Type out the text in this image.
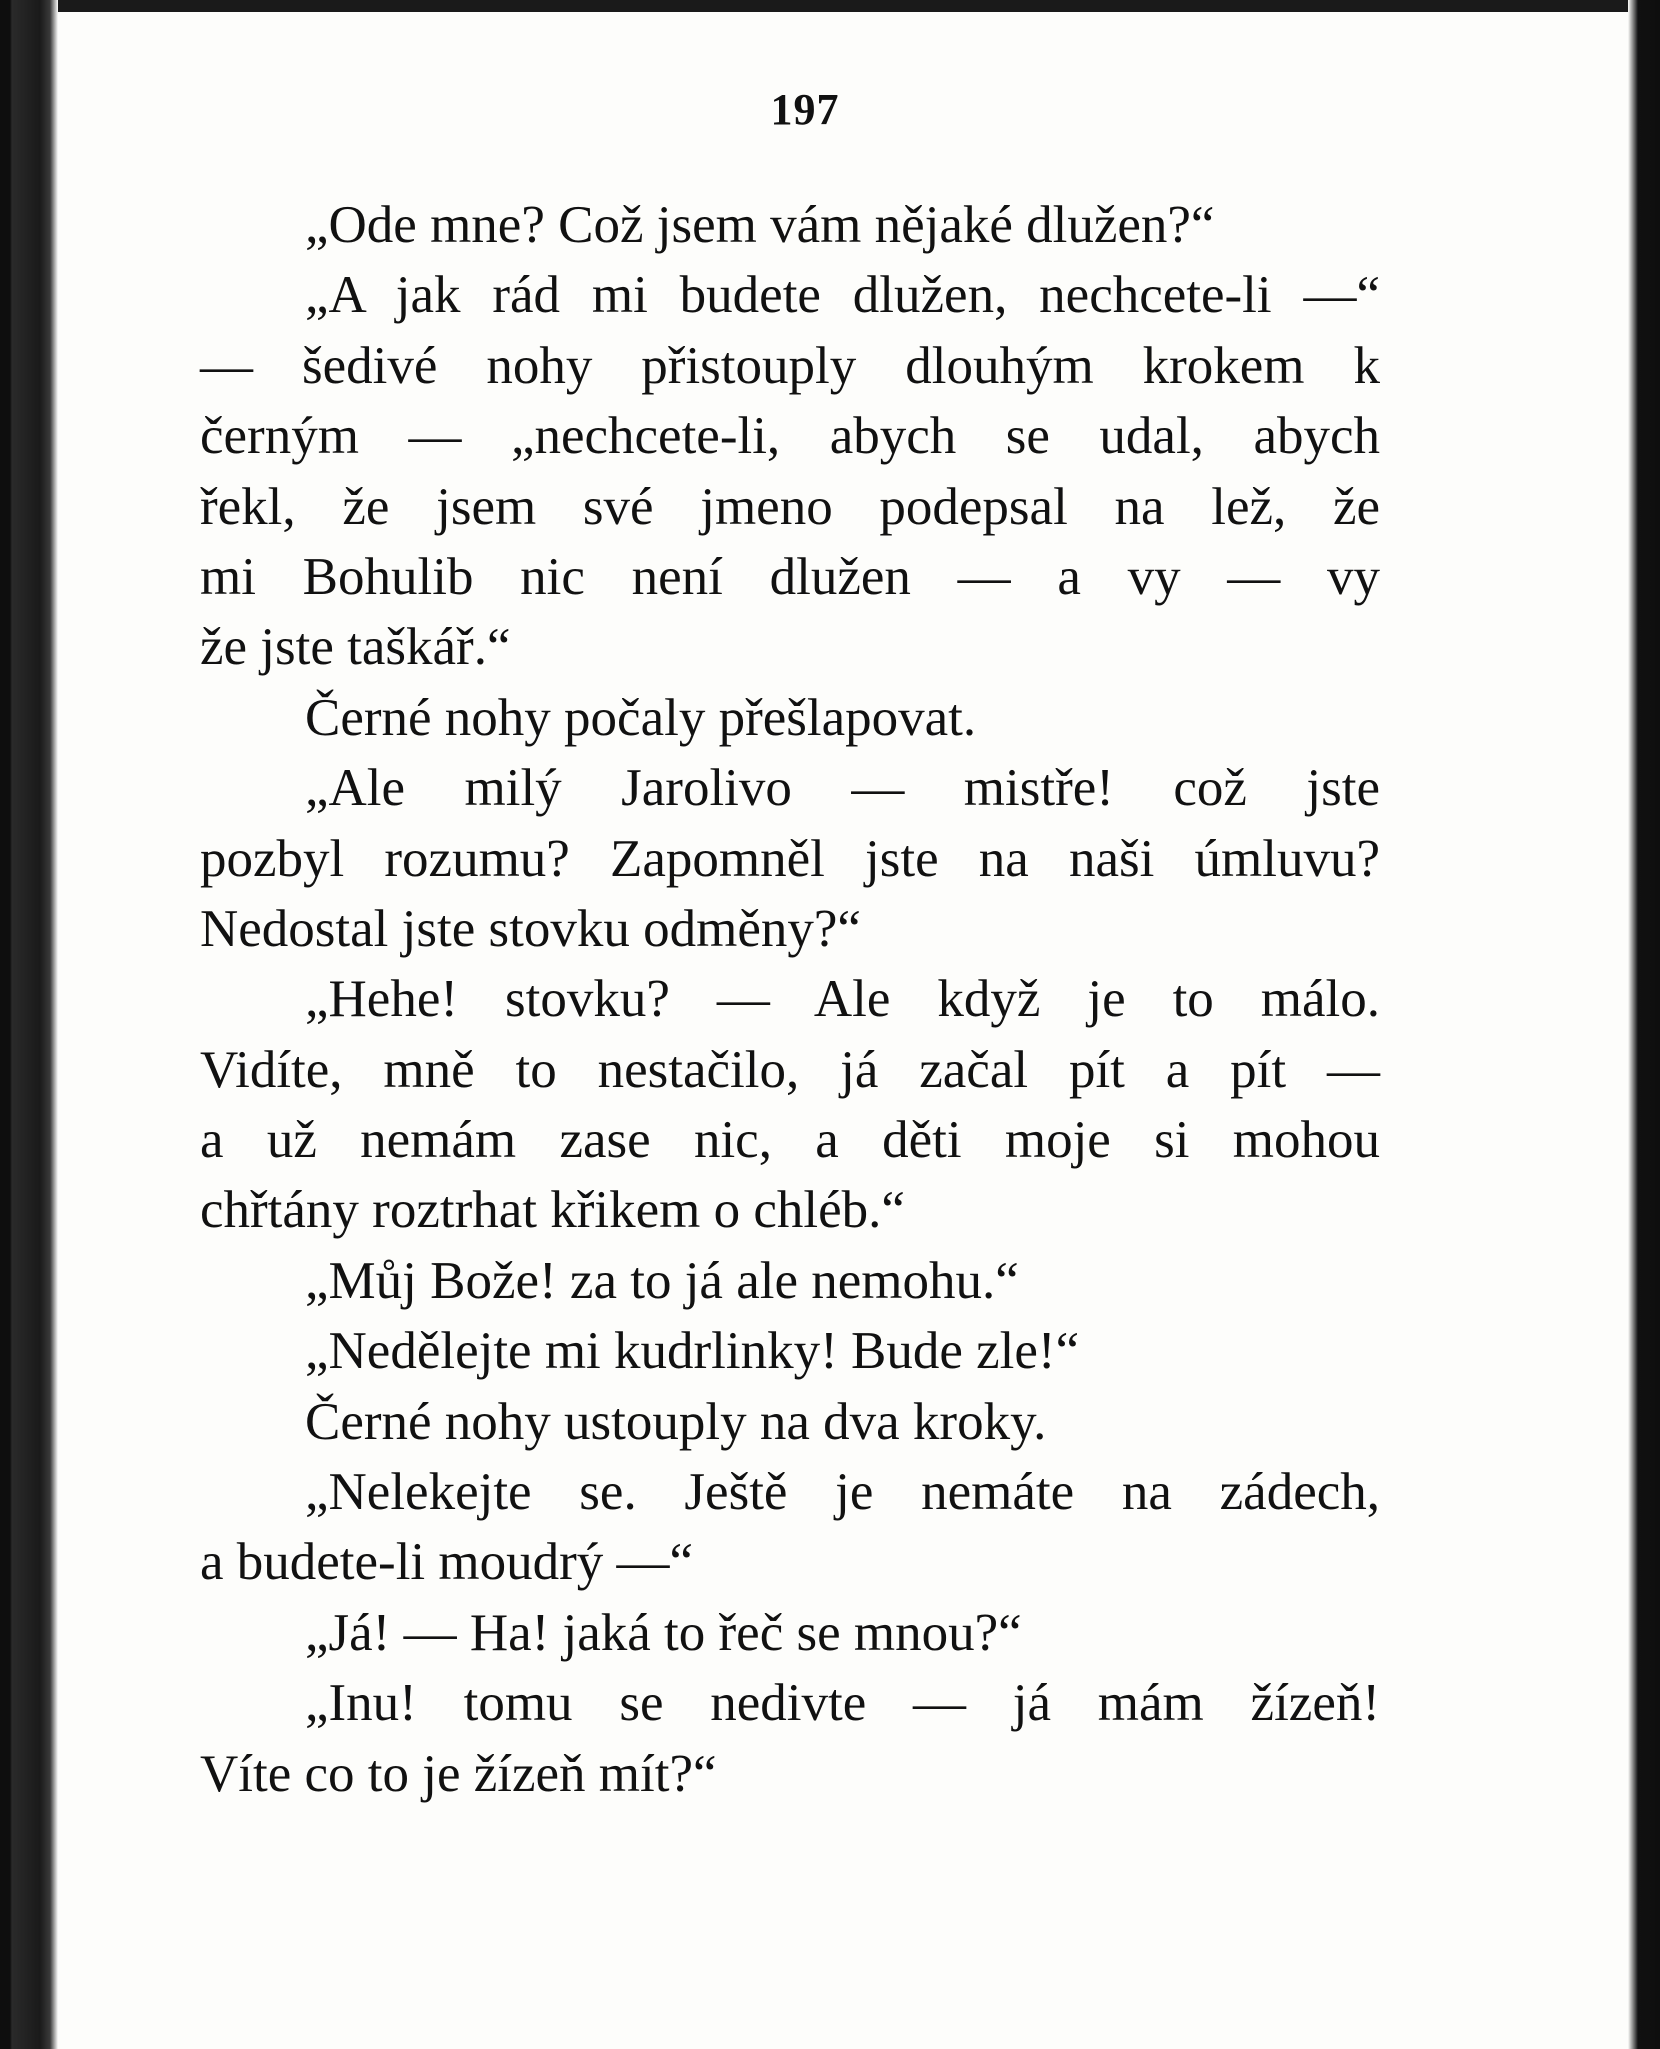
197
„Ode mne? Což jsem vám nějaké dlužen?“
„A jak rád mi budete dlužen, nechcete-li —“
— šedivé nohy přistouply dlouhým krokem k
černým — „nechcete-li, abych se udal, abych
řekl, že jsem své jmeno podepsal na lež, že
mi Bohulib nic není dlužen — a vy — vy
že jste taškář.“
Černé nohy počaly přešlapovat.
„Ale milý Jarolivo — mistře! což jste
pozbyl rozumu? Zapomněl jste na naši úmluvu?
Nedostal jste stovku odměny?“
„Hehe! stovku? — Ale když je to málo.
Vidíte, mně to nestačilo, já začal pít a pít —
a už nemám zase nic, a děti moje si mohou
chřtány roztrhat křikem o chléb.“
„Můj Bože! za to já ale nemohu.“
„Nedělejte mi kudrlinky! Bude zle!“
Černé nohy ustouply na dva kroky.
„Nelekejte se. Ještě je nemáte na zádech,
a budete-li moudrý —“
„Já! — Ha! jaká to řeč se mnou?“
„Inu! tomu se nedivte — já mám žízeň!
Víte co to je žízeň mít?“
